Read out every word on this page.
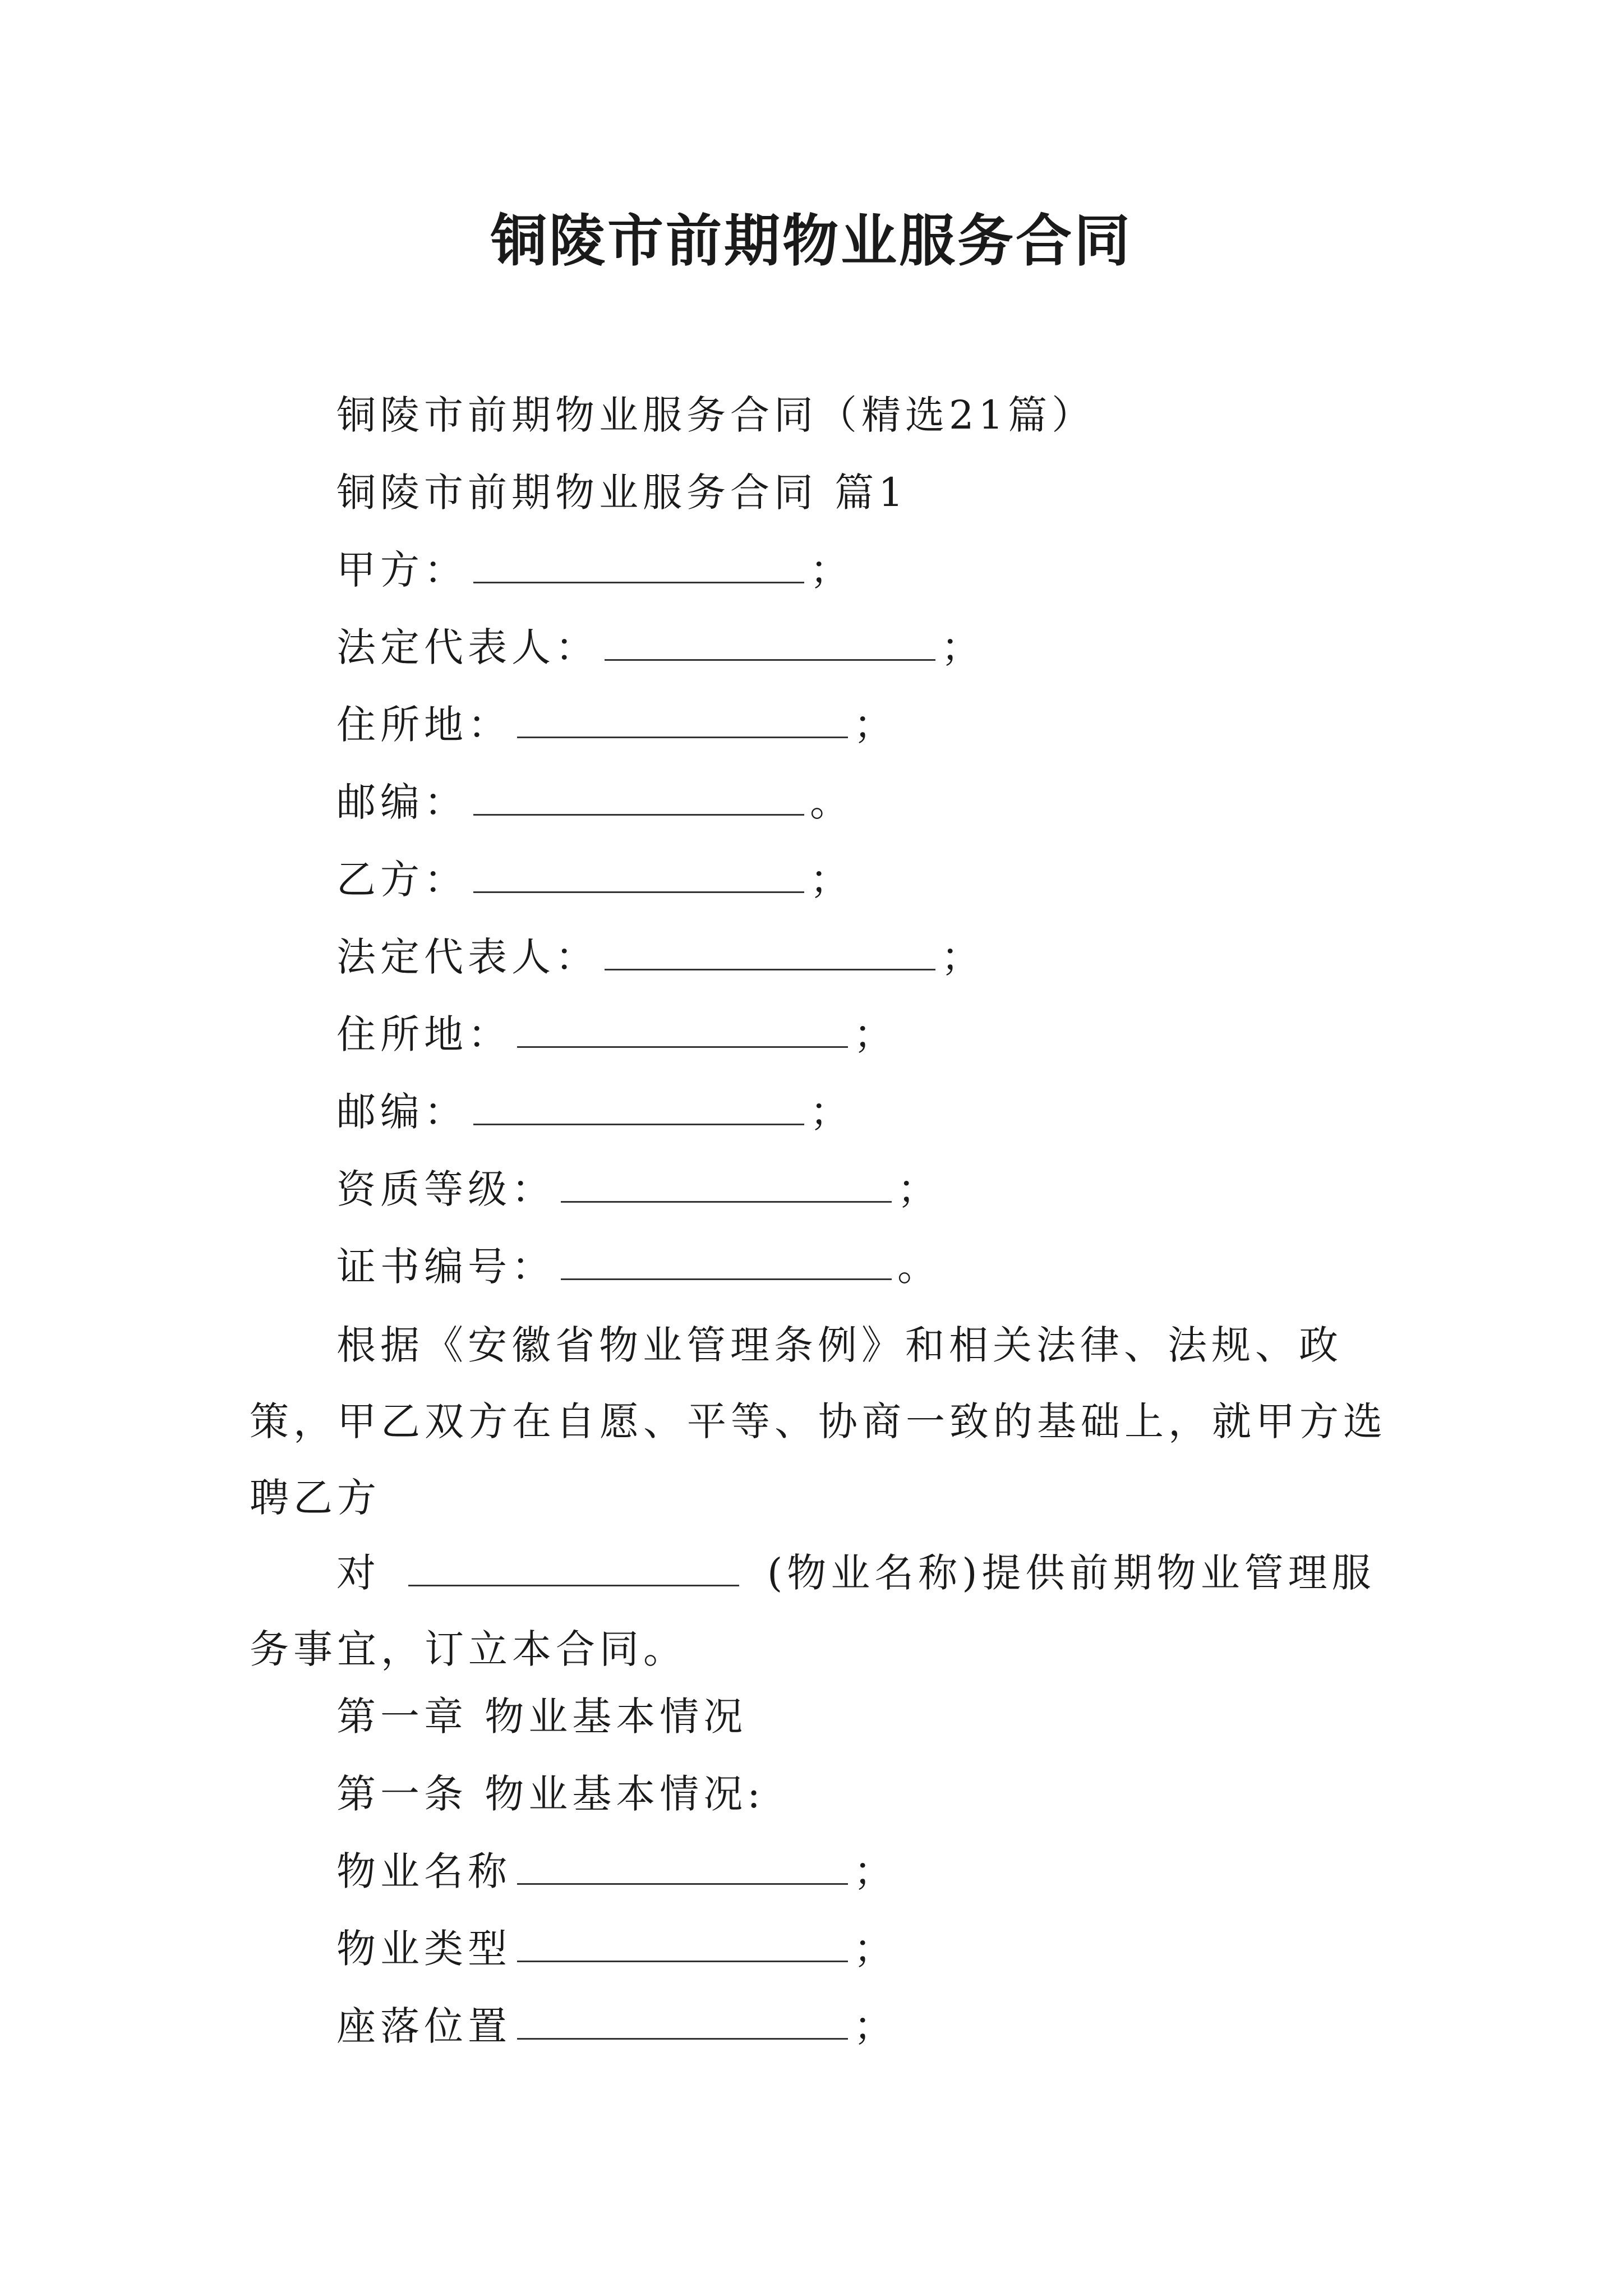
铜陵市前期物业服务合同
铜陵市前期物业服务合同（精选21篇）
铜陵市前期物业服务合同 篇1
甲方：	；
法定代表人：	；
住所地：	；
邮编：	。
乙方：	；
法定代表人：	；
住所地：	；
邮编：	；
资质等级：	；
证书编号：	。

根据《安徽省物业管理条例》和相关法律、法规、政策，甲乙双方在自愿、平等、协商一致的基础上，就甲方选聘乙方

对	(物业名称)提供前期物业管理服务事宜，订立本合同。

第一章 物业基本情况
第一条 物业基本情况:
物业名称	；
物业类型	；
座落位置	；
